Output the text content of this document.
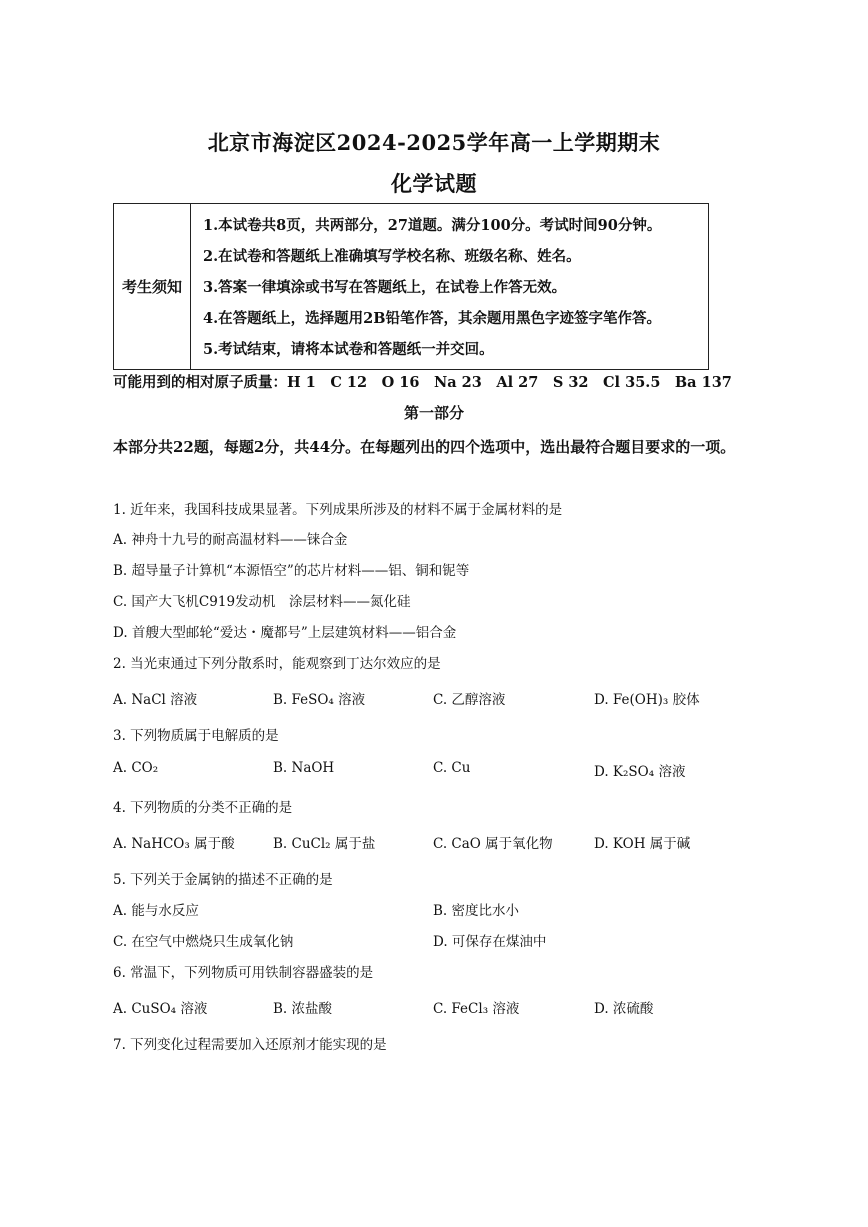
北京市海淀区2024-2025学年高一上学期期末
化学试题
考生须知	
1.本试卷共8页，共两部分，27道题。满分100分。考试时间90分钟。
2.在试卷和答题纸上准确填写学校名称、班级名称、姓名。
3.答案一律填涂或书写在答题纸上，在试卷上作答无效。
4.在答题纸上，选择题用2B铅笔作答，其余题用黑色字迹签字笔作答。
5.考试结束，请将本试卷和答题纸一并交回。
可能用到的相对原子质量：H 1　C 12　O 16　Na 23　Al 27　S 32　Cl 35.5　Ba 137
第一部分
本部分共22题，每题2分，共44分。在每题列出的四个选项中，选出最符合题目要求的一项。
1. 近年来，我国科技成果显著。下列成果所涉及的材料不属于金属材料的是
A. 神舟十九号的耐高温材料——铼合金
B. 超导量子计算机“本源悟空”的芯片材料——铝、铜和铌等
C. 国产大飞机C919发动机　涂层材料——氮化硅
D. 首艘大型邮轮“爱达・魔都号”上层建筑材料——铝合金
2. 当光束通过下列分散系时，能观察到丁达尔效应的是
A. NaCl 溶液	B. FeSO₄ 溶液	C. 乙醇溶液	D. Fe(OH)₃ 胶体
3. 下列物质属于电解质的是
A. CO₂	B. NaOH	C. Cu	D. K₂SO₄ 溶液
4. 下列物质的分类不正确的是
A. NaHCO₃ 属于酸	B. CuCl₂ 属于盐	C. CaO 属于氧化物	D. KOH 属于碱
5. 下列关于金属钠的描述不正确的是
A. 能与水反应	B. 密度比水小
C. 在空气中燃烧只生成氧化钠	D. 可保存在煤油中
6. 常温下，下列物质可用铁制容器盛装的是
A. CuSO₄ 溶液	B. 浓盐酸	C. FeCl₃ 溶液	D. 浓硫酸
7. 下列变化过程需要加入还原剂才能实现的是
